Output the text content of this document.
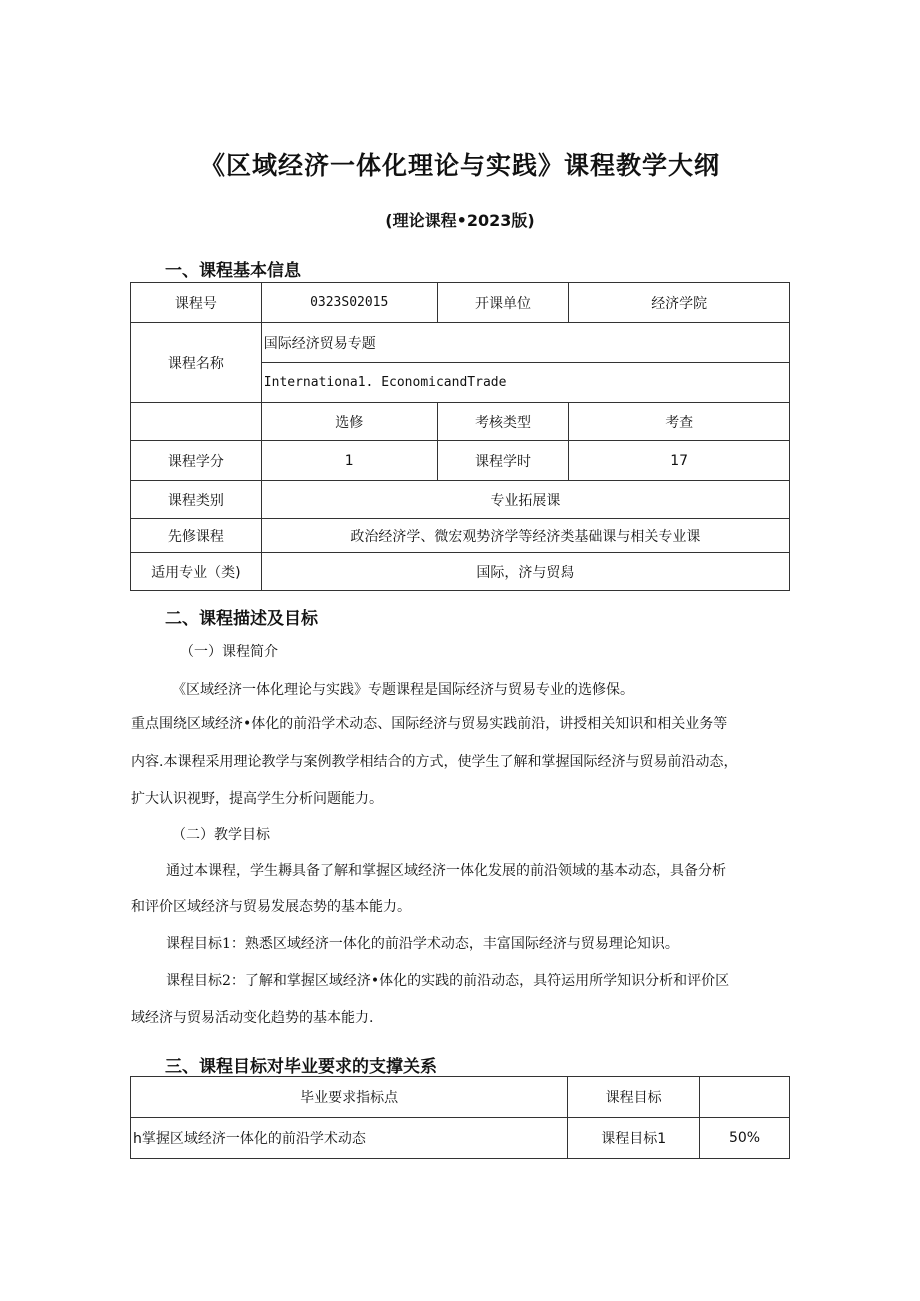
《区域经济一体化理论与实践》课程教学大纲
(理论课程•2023版)
一、课程基本信息
课程号	0323S02015	开课单位	经济学院
课程名称	国际经济贸易专题		
	Internationa1. EconomicandTrade		
	选修	考核类型	考查
课程学分	1	课程学时	17
课程类别	专业拓展课		
先修课程	政治经济学、微宏观势济学等经济类基础课与相关专业课		
适用专业（类)	国际，济与贸舄		
二、课程描述及目标
（一）课程简介
《区域经济一体化理论与实践》专题课程是国际经济与贸易专业的选修保。
重点围绕区域经济•体化的前沿学术动态、国际经济与贸易实践前沿，讲授相关知识和相关业务等
内容.本课程采用理论教学与案例教学相结合的方式，使学生了解和掌握国际经济与贸易前沿动态，
扩大认识视野，提高学生分析问题能力。
（二）教学目标
通过本课程，学生耨具备了解和掌握区域经济一体化发展的前沿领域的基本动态，具备分析
和评价区域经济与贸易发展态势的基本能力。
课程目标1：熟悉区域经济一体化的前沿学术动态，丰富国际经济与贸易理论知识。
课程目标2：了解和掌握区域经济•体化的实践的前沿动态，具符运用所学知识分析和评价区
域经济与贸易活动变化趋势的基本能力.
三、课程目标对毕业要求的支撑关系
毕业要求指标点	课程目标	
h掌握区域经济一体化的前沿学术动态	课程目标1	50%
